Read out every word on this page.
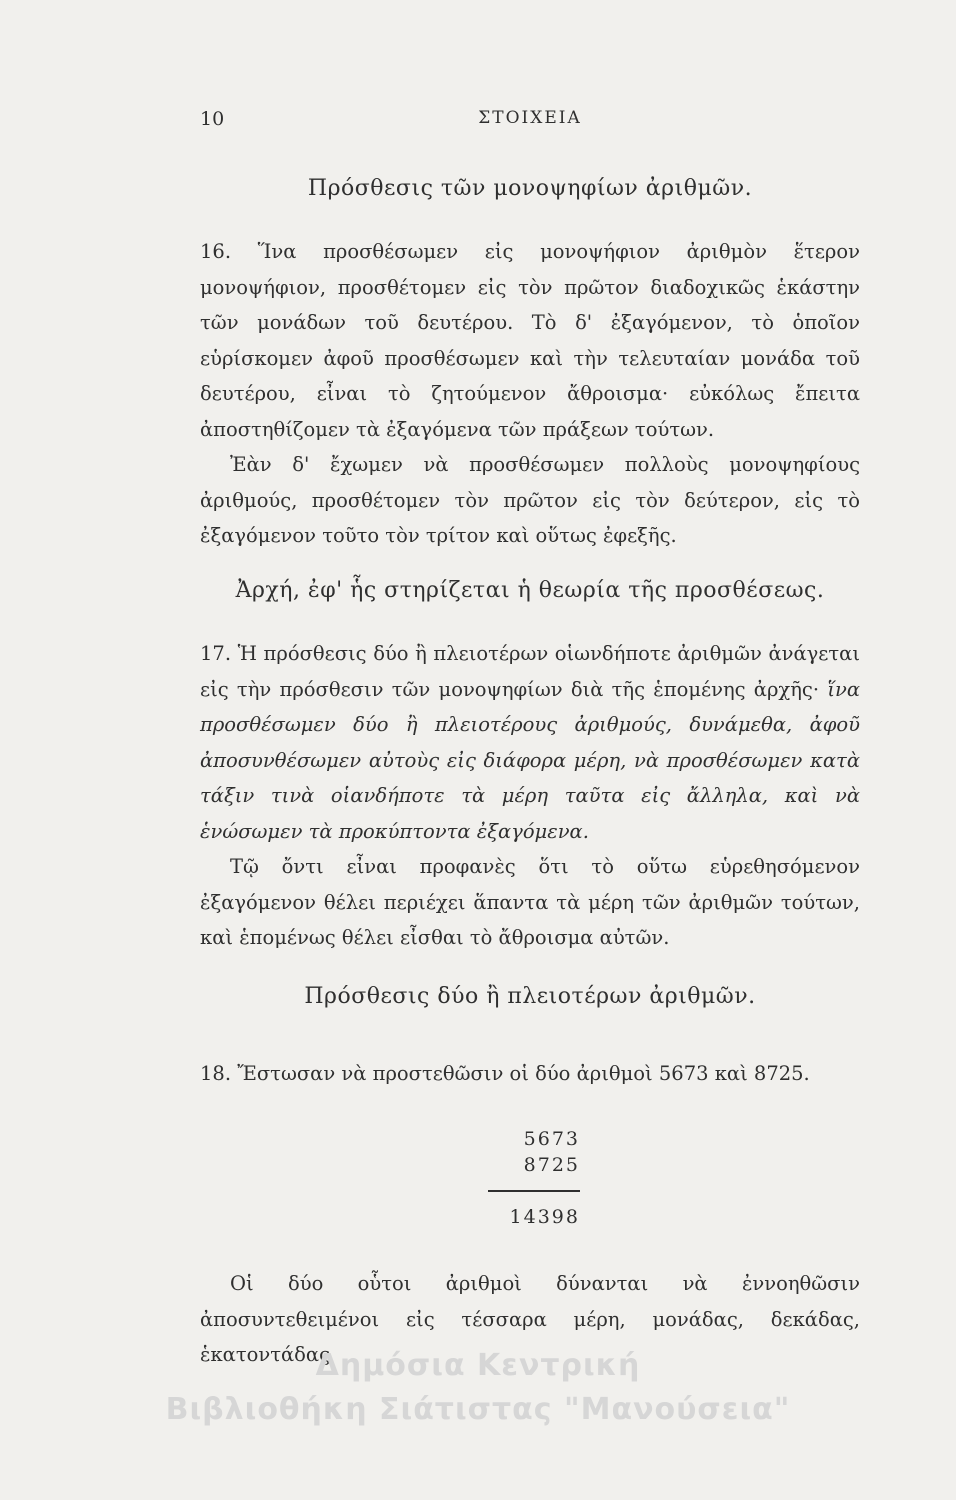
10	ΣΤΟΙΧΕΙΑ
Πρόσθεσις τῶν μονοψηφίων ἀριθμῶν.

16. Ἵνα προσθέσωμεν εἰς μονοψήφιον ἀριθμὸν ἕτερον μονοψήφιον, προσθέτομεν εἰς τὸν πρῶτον διαδοχικῶς ἑκάστην τῶν μονάδων τοῦ δευτέρου. Τὸ δ' ἐξαγόμενον, τὸ ὁποῖον εὑρίσκομεν ἀφοῦ προσθέσωμεν καὶ τὴν τελευταίαν μονάδα τοῦ δευτέρου, εἶναι τὸ ζητούμενον ἄθροισμα· εὐκόλως ἔπειτα ἀποστηθίζομεν τὰ ἐξαγόμενα τῶν πράξεων τούτων.

Ἐὰν δ' ἔχωμεν νὰ προσθέσωμεν πολλοὺς μονοψηφίους ἀριθμούς, προσθέτομεν τὸν πρῶτον εἰς τὸν δεύτερον, εἰς τὸ ἐξαγόμενον τοῦτο τὸν τρίτον καὶ οὕτως ἐφεξῆς.

Ἀρχή, ἐφ' ἧς στηρίζεται ἡ θεωρία τῆς προσθέσεως.

17. Ἡ πρόσθεσις δύο ἢ πλειοτέρων οἱωνδήποτε ἀριθμῶν ἀνάγεται εἰς τὴν πρόσθεσιν τῶν μονοψηφίων διὰ τῆς ἑπομένης ἀρχῆς· ἵνα προσθέσωμεν δύο ἢ πλειοτέρους ἀριθμούς, δυνάμεθα, ἀφοῦ ἀποσυνθέσωμεν αὐτοὺς εἰς διάφορα μέρη, νὰ προσθέσωμεν κατὰ τάξιν τινὰ οἱανδήποτε τὰ μέρη ταῦτα εἰς ἄλληλα, καὶ νὰ ἑνώσωμεν τὰ προκύπτοντα ἐξαγόμενα.

Τῷ ὄντι εἶναι προφανὲς ὅτι τὸ οὕτω εὑρεθησόμενον ἐξαγόμενον θέλει περιέχει ἅπαντα τὰ μέρη τῶν ἀριθμῶν τούτων, καὶ ἑπομένως θέλει εἶσθαι τὸ ἄθροισμα αὐτῶν.

Πρόσθεσις δύο ἢ πλειοτέρων ἀριθμῶν.

18. Ἔστωσαν νὰ προστεθῶσιν οἱ δύο ἀριθμοὶ 5673 καὶ 8725.

5673
8725
14398

Οἱ δύο οὗτοι ἀριθμοὶ δύνανται νὰ ἐννοηθῶσιν ἀποσυντεθειμένοι εἰς τέσσαρα μέρη, μονάδας, δεκάδας, ἑκατοντάδας

Δημόσια Κεντρική
Βιβλιοθήκη Σιάτιστας "Μανούσεια"
